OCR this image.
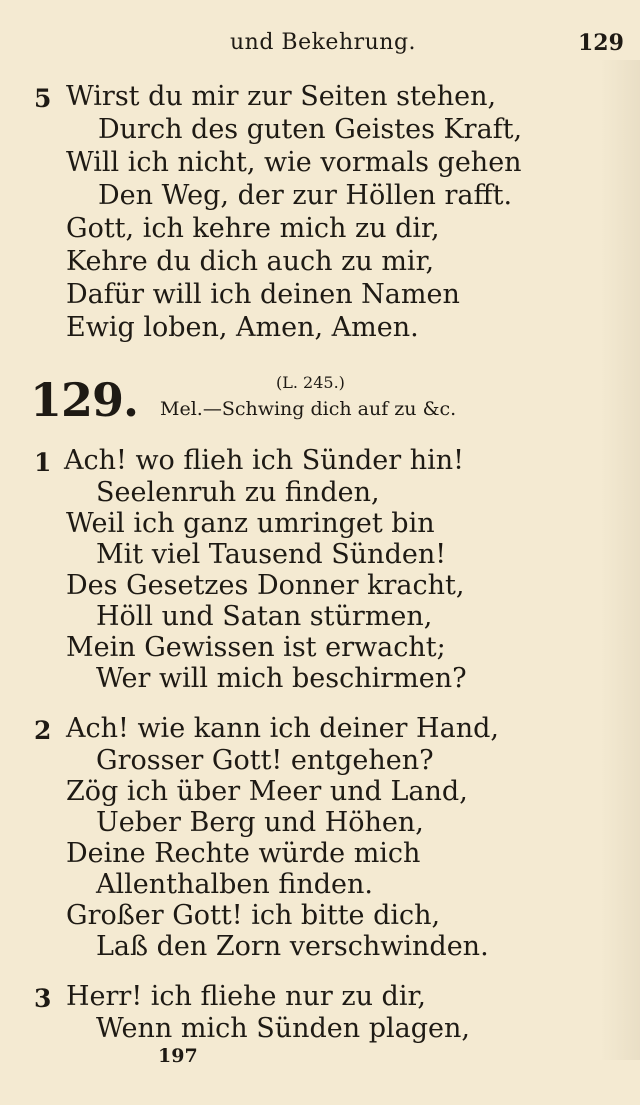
und Bekehrung.	129
5 Wirst du mir zur Seiten stehen,
Durch des guten Geistes Kraft,
Will ich nicht, wie vormals gehen
Den Weg, der zur Höllen rafft.
Gott, ich kehre mich zu dir,
Kehre du dich auch zu mir,
Dafür will ich deinen Namen
Ewig loben, Amen, Amen.
129.	(L. 245.)
Mel.—Schwing dich auf zu &c.
1 Ach! wo flieh ich Sünder hin!
Seelenruh zu finden,
Weil ich ganz umringet bin
Mit viel Tausend Sünden!
Des Gesetzes Donner kracht,
Höll und Satan stürmen,
Mein Gewissen ist erwacht;
Wer will mich beschirmen?
2 Ach! wie kann ich deiner Hand,
Grosser Gott! entgehen?
Zög ich über Meer und Land,
Ueber Berg und Höhen,
Deine Rechte würde mich
Allenthalben finden.
Großer Gott! ich bitte dich,
Laß den Zorn verschwinden.
3 Herr! ich fliehe nur zu dir,
Wenn mich Sünden plagen,
197
